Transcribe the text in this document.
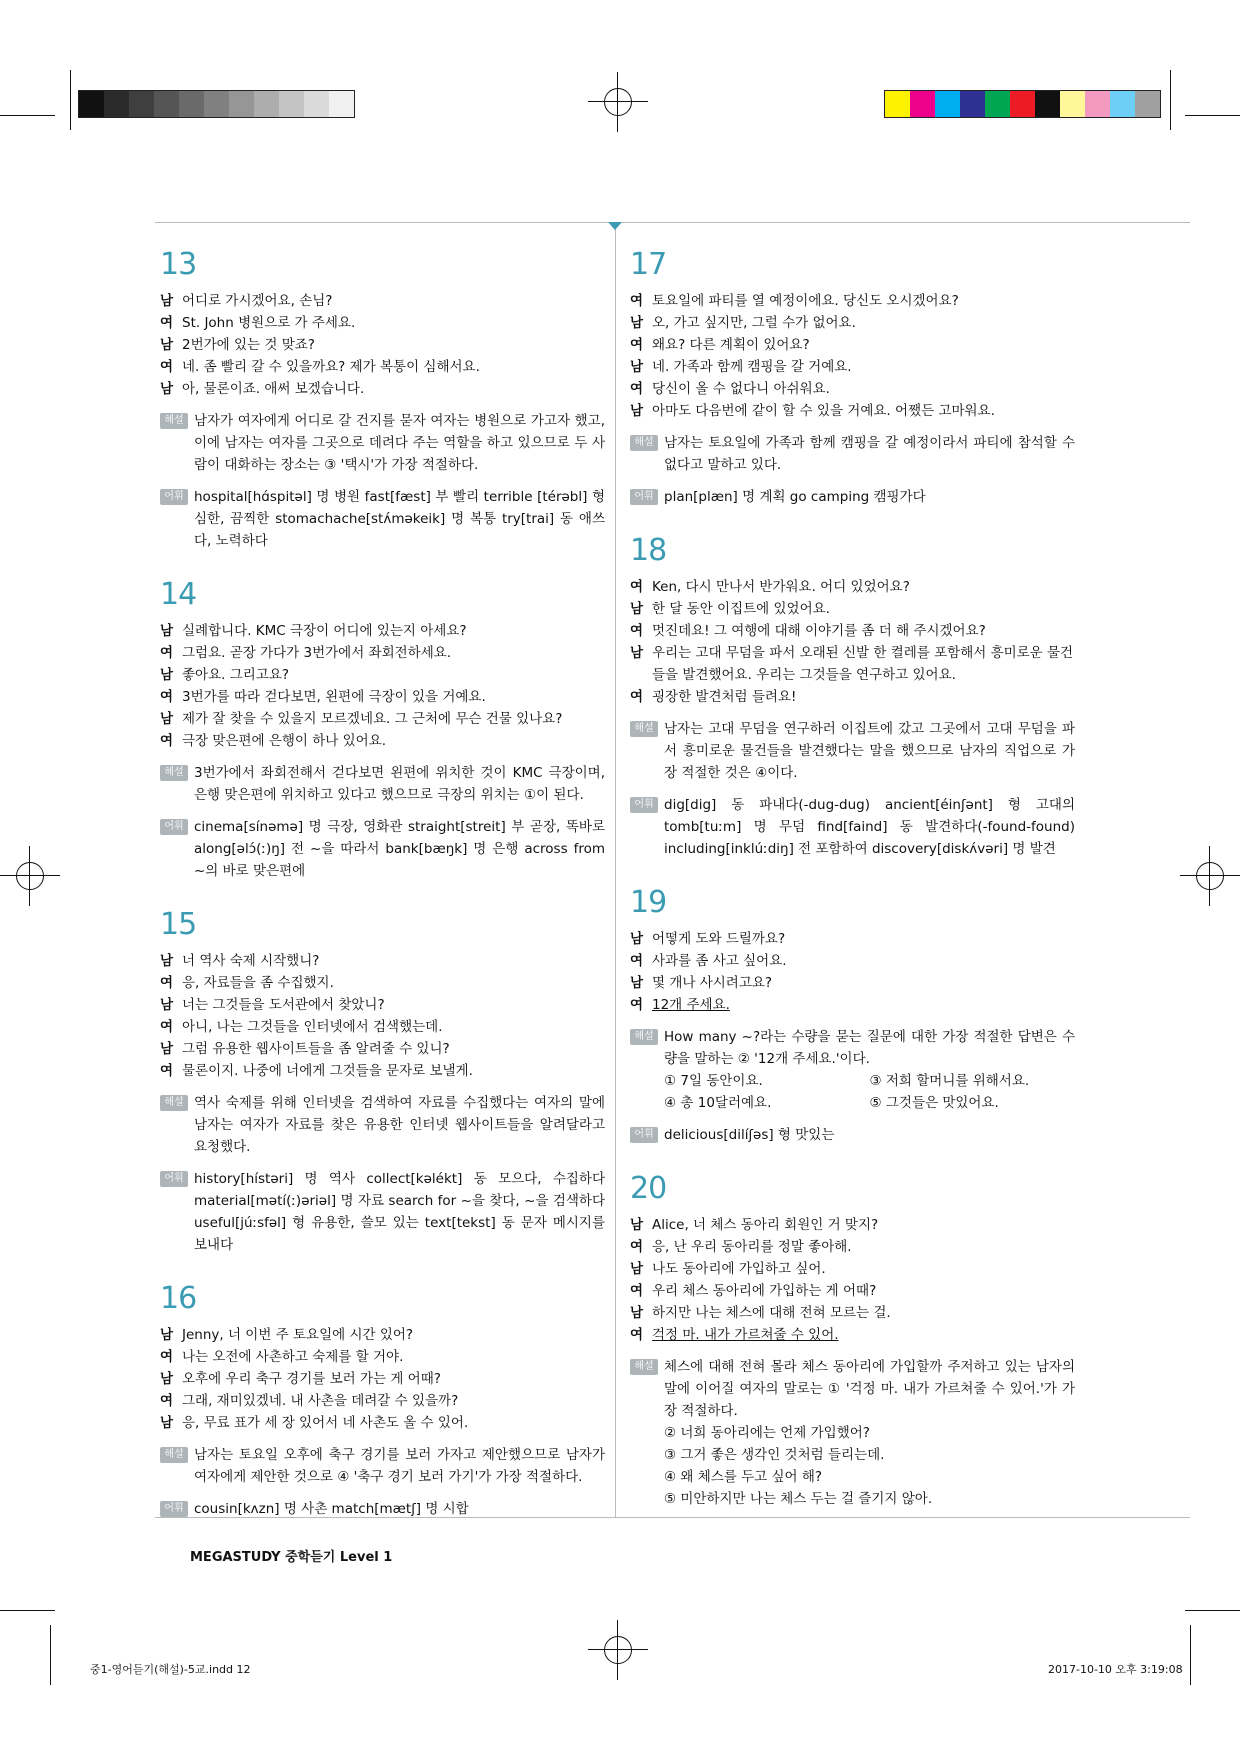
13
남 어디로 가시겠어요, 손님?
여 St. John 병원으로 가 주세요.
남 2번가에 있는 것 맞죠?
여 네. 좀 빨리 갈 수 있을까요? 제가 복통이 심해서요.
남 아, 물론이죠. 애써 보겠습니다.
해설 남자가 여자에게 어디로 갈 건지를 묻자 여자는 병원으로 가고자 했고, 이에 남자는 여자를 그곳으로 데려다 주는 역할을 하고 있으므로 두 사람이 대화하는 장소는 ③ '택시'가 가장 적절하다.
어휘 hospital[hɑ́spitəl] 명 병원 fast[fæst] 부 빨리 terrible [térəbl] 형 심한, 끔찍한 stomachache[stʌ́məkeik] 명 복통 try[trai] 동 애쓰다, 노력하다
14
남 실례합니다. KMC 극장이 어디에 있는지 아세요?
여 그럼요. 곧장 가다가 3번가에서 좌회전하세요.
남 좋아요. 그리고요?
여 3번가를 따라 걷다보면, 왼편에 극장이 있을 거예요.
남 제가 잘 찾을 수 있을지 모르겠네요. 그 근처에 무슨 건물 있나요?
여 극장 맞은편에 은행이 하나 있어요.
해설 3번가에서 좌회전해서 걷다보면 왼편에 위치한 것이 KMC 극장이며, 은행 맞은편에 위치하고 있다고 했으므로 극장의 위치는 ①이 된다.
어휘 cinema[sínəmə] 명 극장, 영화관 straight[streit] 부 곧장, 똑바로 along[əlɔ́(ː)ŋ] 전 ~을 따라서 bank[bæŋk] 명 은행 across from ~의 바로 맞은편에
15
남 너 역사 숙제 시작했니?
여 응, 자료들을 좀 수집했지.
남 너는 그것들을 도서관에서 찾았니?
여 아니, 나는 그것들을 인터넷에서 검색했는데.
남 그럼 유용한 웹사이트들을 좀 알려줄 수 있니?
여 물론이지. 나중에 너에게 그것들을 문자로 보낼게.
해설 역사 숙제를 위해 인터넷을 검색하여 자료를 수집했다는 여자의 말에 남자는 여자가 자료를 찾은 유용한 인터넷 웹사이트들을 알려달라고 요청했다.
어휘 history[hístəri] 명 역사 collect[kəlékt] 동 모으다, 수집하다 material[mətí(ː)əriəl] 명 자료 search for ~을 찾다, ~을 검색하다 useful[júːsfəl] 형 유용한, 쓸모 있는 text[tekst] 동 문자 메시지를 보내다
16
남 Jenny, 너 이번 주 토요일에 시간 있어?
여 나는 오전에 사촌하고 숙제를 할 거야.
남 오후에 우리 축구 경기를 보러 가는 게 어때?
여 그래, 재미있겠네. 내 사촌을 데려갈 수 있을까?
남 응, 무료 표가 세 장 있어서 네 사촌도 올 수 있어.
해설 남자는 토요일 오후에 축구 경기를 보러 가자고 제안했으므로 남자가 여자에게 제안한 것으로 ④ '축구 경기 보러 가기'가 가장 적절하다.
어휘 cousin[kʌzn] 명 사촌 match[mætʃ] 명 시합
17
여 토요일에 파티를 열 예정이에요. 당신도 오시겠어요?
남 오, 가고 싶지만, 그럴 수가 없어요.
여 왜요? 다른 계획이 있어요?
남 네. 가족과 함께 캠핑을 갈 거예요.
여 당신이 올 수 없다니 아쉬워요.
남 아마도 다음번에 같이 할 수 있을 거예요. 어쨌든 고마워요.
해설 남자는 토요일에 가족과 함께 캠핑을 갈 예정이라서 파티에 참석할 수 없다고 말하고 있다.
어휘 plan[plæn] 명 계획 go camping 캠핑가다
18
여 Ken, 다시 만나서 반가워요. 어디 있었어요?
남 한 달 동안 이집트에 있었어요.
여 멋진데요! 그 여행에 대해 이야기를 좀 더 해 주시겠어요?
남 우리는 고대 무덤을 파서 오래된 신발 한 켤레를 포함해서 흥미로운 물건들을 발견했어요. 우리는 그것들을 연구하고 있어요.
여 굉장한 발견처럼 들려요!
해설 남자는 고대 무덤을 연구하러 이집트에 갔고 그곳에서 고대 무덤을 파서 흥미로운 물건들을 발견했다는 말을 했으므로 남자의 직업으로 가장 적절한 것은 ④이다.
어휘 dig[dig] 동 파내다(-dug-dug) ancient[éinʃənt] 형 고대의 tomb[tuːm] 명 무덤 find[faind] 동 발견하다(-found-found) including[inklúːdiŋ] 전 포함하여 discovery[diskʌ́vəri] 명 발견
19
남 어떻게 도와 드릴까요?
여 사과를 좀 사고 싶어요.
남 몇 개나 사시려고요?
여 12개 주세요.
해설 How many ~?라는 수량을 묻는 질문에 대한 가장 적절한 답변은 수량을 말하는 ② '12개 주세요.'이다.
① 7일 동안이요.	③ 저희 할머니를 위해서요.
④ 총 10달러예요.	⑤ 그것들은 맛있어요.
어휘 delicious[dilíʃəs] 형 맛있는
20
남 Alice, 너 체스 동아리 회원인 거 맞지?
여 응, 난 우리 동아리를 정말 좋아해.
남 나도 동아리에 가입하고 싶어.
여 우리 체스 동아리에 가입하는 게 어때?
남 하지만 나는 체스에 대해 전혀 모르는 걸.
여 걱정 마. 내가 가르쳐줄 수 있어.
해설 체스에 대해 전혀 몰라 체스 동아리에 가입할까 주저하고 있는 남자의 말에 이어질 여자의 말로는 ① '걱정 마. 내가 가르쳐줄 수 있어.'가 가장 적절하다.
② 너희 동아리에는 언제 가입했어?
③ 그거 좋은 생각인 것처럼 들리는데.
④ 왜 체스를 두고 싶어 해?
⑤ 미안하지만 나는 체스 두는 걸 즐기지 않아.
MEGASTUDY 중학듣기 Level 1
중1-영어듣기(해설)-5교.indd 12	2017-10-10 오후 3:19:08
